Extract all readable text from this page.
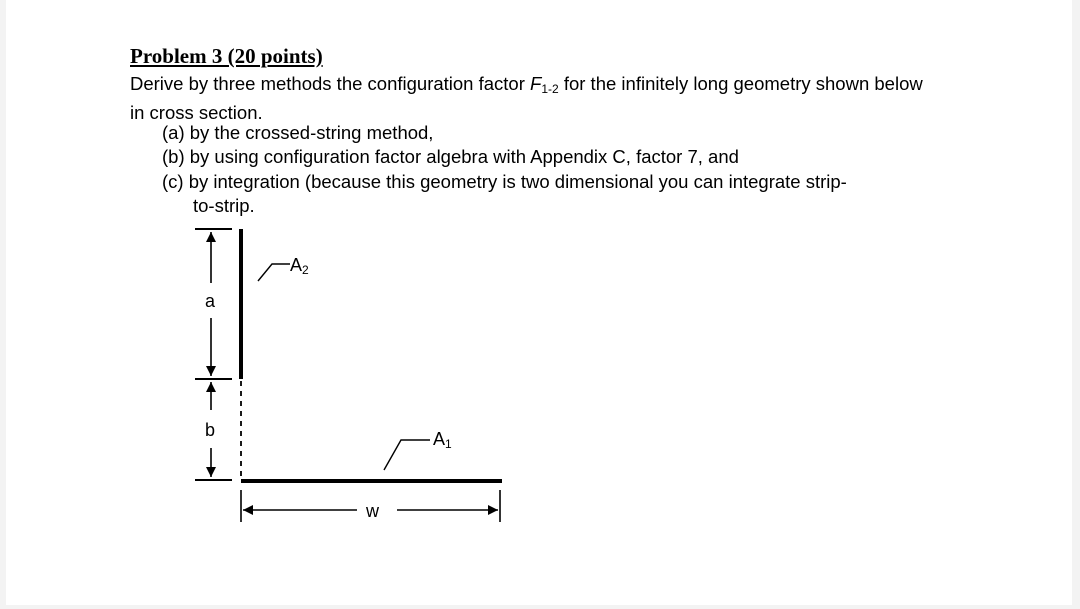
Problem 3 (20 points)
Derive by three methods the configuration factor $F_{1-2}$ for the infinitely long geometry shown below in cross section.
(a) by the crossed-string method,
(b) by using configuration factor algebra with Appendix C, factor 7, and
(c) by integration (because this geometry is two dimensional you can integrate strip-
to-strip.
a
b
w
$A_2$
$A_1$
